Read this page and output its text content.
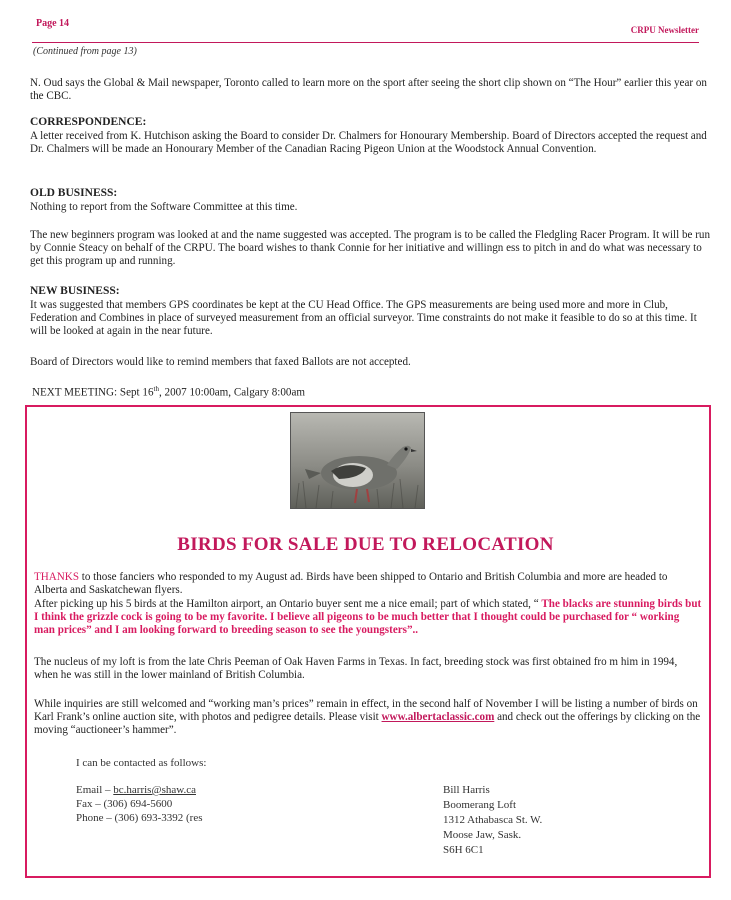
Page 14
CRPU Newsletter
(Continued from page 13)

N. Oud says the Global & Mail newspaper, Toronto called to learn more on the sport after seeing the short clip shown on “The Hour” earlier this year on the CBC.

CORRESPONDENCE:

A letter received from K. Hutchison asking the Board to consider Dr. Chalmers for Honourary Membership. Board of Directors accepted the request and Dr. Chalmers will be made an Honourary Member of the Canadian Racing Pigeon Union at the Woodstock Annual Convention.

OLD BUSINESS:

Nothing to report from the Software Committee at this time.

The new beginners program was looked at and the name suggested was accepted. The program is to be called the Fledgling Racer Program. It will be run by Connie Steacy on behalf of the CRPU. The board wishes to thank Connie for her initiative and willingn ess to pitch in and do what was necessary to get this program up and running.

NEW BUSINESS:

It was suggested that members GPS coordinates be kept at the CU Head Office. The GPS measurements are being used more and more in Club, Federation and Combines in place of surveyed measurement from an official surveyor. Time constraints do not make it feasible to do so at this time. It will be looked at again in the near future.

Board of Directors would like to remind members that faxed Ballots are not accepted.

NEXT MEETING: Sept 16th, 2007 10:00am, Calgary 8:00am

BIRDS FOR SALE DUE TO RELOCATION

THANKS to those fanciers who responded to my August ad. Birds have been shipped to Ontario and British Columbia and more are headed to Alberta and Saskatchewan flyers.

After picking up his 5 birds at the Hamilton airport, an Ontario buyer sent me a nice email; part of which stated, “ The blacks are stunning birds but I think the grizzle cock is going to be my favorite. I believe all pigeons to be much better that I thought could be purchased for “ working man prices” and I am looking forward to breeding season to see the youngsters”..

The nucleus of my loft is from the late Chris Peeman of Oak Haven Farms in Texas. In fact, breeding stock was first obtained fro m him in 1994, when he was still in the lower mainland of British Columbia.

While inquiries are still welcomed and “working man’s prices” remain in effect, in the second half of November I will be listing a number of birds on Karl Frank’s online auction site, with photos and pedigree details. Please visit www.albertaclassic.com and check out the offerings by clicking on the moving “auctioneer’s hammer”.

I can be contacted as follows:
Email – bc.harris@shaw.ca
Fax – (306) 694-5600
Phone – (306) 693-3392 (res
Bill Harris
Boomerang Loft
1312 Athabasca St. W.
Moose Jaw, Sask.
S6H 6C1
